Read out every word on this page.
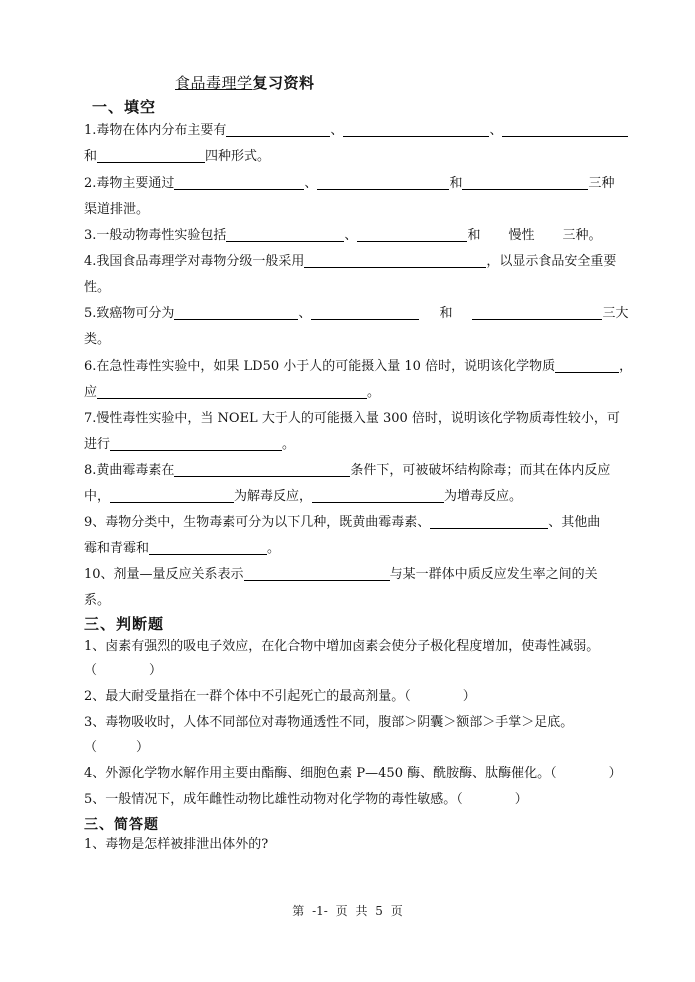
食品毒理学复习资料
一、填空
1.毒物在体内分布主要有	、	、
和	四种形式。
2.毒物主要通过	、	和	三种
渠道排泄。
3.一般动物毒性实验包括	、	和 慢性 三种。
4.我国食品毒理学对毒物分级一般采用	，以显示食品安全重要
性。
5.致癌物可分为	、	和	三大
类。
6.在急性毒性实验中，如果 LD50 小于人的可能摄入量 10 倍时，说明该化学物质	，
应	。
7.慢性毒性实验中，当 NOEL 大于人的可能摄入量 300 倍时，说明该化学物质毒性较小，可
进行	。
8.黄曲霉毒素在	条件下，可被破坏结构除毒；而其在体内反应
中，	为解毒反应，	为增毒反应。
9、毒物分类中，生物毒素可分为以下几种，既黄曲霉毒素、	、其他曲
霉和青霉和	。
10、剂量—量反应关系表示	与某一群体中质反应发生率之间的关
系。
三、判断题
1、卤素有强烈的吸电子效应，在化合物中增加卤素会使分子极化程度增加，使毒性减弱。
（　　　　）
2、最大耐受量指在一群个体中不引起死亡的最高剂量。（　　　　）
3、毒物吸收时，人体不同部位对毒物通透性不同，腹部＞阴囊＞额部＞手掌＞足底。
（　　　）
4、外源化学物水解作用主要由酯酶、细胞色素 P—450 酶、酰胺酶、肽酶催化。（　　　　）
5、一般情况下，成年雌性动物比雄性动物对化学物的毒性敏感。（　　　　）
三、简答题
1、毒物是怎样被排泄出体外的?
第 -1- 页 共 5 页
